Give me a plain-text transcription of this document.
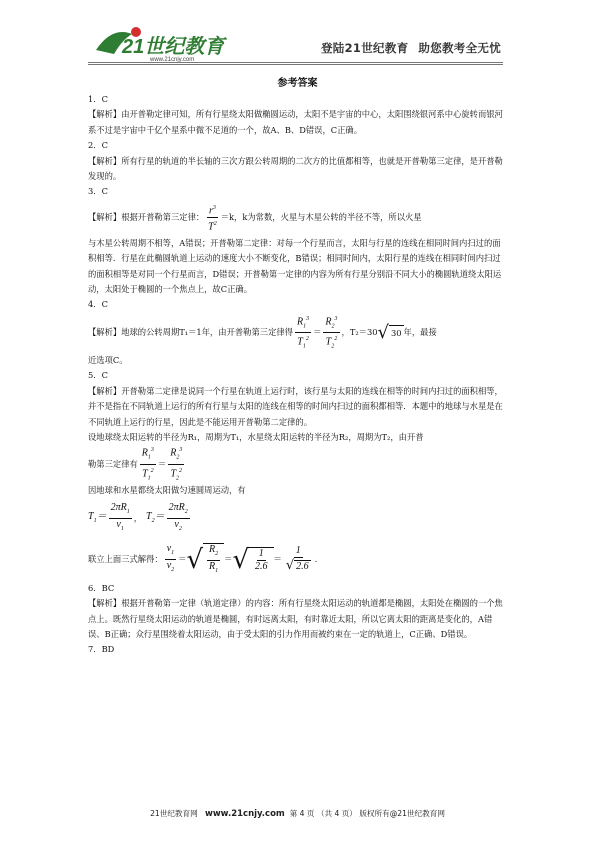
21世纪教育
www.21cnjy.com
登陆21世纪教育 助您教考全无忧
参考答案

1．C

【解析】由开普勒定律可知，所有行星绕太阳做椭圆运动，太阳不是宇宙的中心，太阳围绕银河系中心旋转而银河系不过是宇宙中千亿个星系中微不足道的一个，故A、B、D错误，C正确。

2．C

【解析】所有行星的轨道的半长轴的三次方跟公转周期的二次方的比值都相等，也就是开普勒第三定律，是开普勒发现的。

3．C

【解析】根据开普勒第三定律： $\frac{r^3}{T^2} =k$，k为常数，火星与木星公转的半径不等，所以火星

与木星公转周期不相等，A错误；开普勒第二定律：对每一个行星而言，太阳与行星的连线在相同时间内扫过的面积相等．行星在此椭圆轨道上运动的速度大小不断变化，B错误；相同时间内，太阳行星的连线在相同时间内扫过的面积相等是对同一个行星而言，D错误；开普勒第一定律的内容为所有行星分别沿不同大小的椭圆轨道绕太阳运动，太阳处于椭圆的一个焦点上，故C正确。

4．C

【解析】地球的公转周期T₁＝1年，由开普勒第三定律得 $\frac{R_1^3}{T_1^2} = \frac{R_2^3}{T_2^2}$ ，T₂＝30 √ 30 年，最接

近选项C。

5．C

【解析】开普勒第二定律是说同一个行星在轨道上运行时，该行星与太阳的连线在相等的时间内扫过的面积相等，并不是指在不同轨道上运行的所有行星与太阳的连线在相等的时间内扫过的面积都相等．本题中的地球与水星是在不同轨道上运行的行星，因此是不能运用开普勒第二定律的。

设地球绕太阳运转的半径为R₁，周期为T₁，水星绕太阳运转的半径为R₂，周期为T₂，由开普

勒第三定律有 $\frac{R_1^3}{T_1^2} = \frac{R_2^3}{T_2^2}$

因地球和水星都绕太阳做匀速圆周运动，有

$T_1= \frac{2\pi R_1}{v_1}$ ， $T_2= \frac{2\pi R_2}{v_2}$
联立上面三式解得： $\frac{v_1}{v_2}$ ＝ √ $\frac{R_2}{R_1}$ ＝ √ $\frac{1}{2.6} = \frac{1}{√ 2.6}$ .

6．BC

【解析】根据开普勒第一定律（轨道定律）的内容：所有行星绕太阳运动的轨道都是椭圆，太阳处在椭圆的一个焦点上。既然行星绕太阳运动的轨道是椭圆，有时远离太阳，有时靠近太阳，所以它离太阳的距离是变化的，A错误、B正确；众行星围绕着太阳运动，由于受太阳的引力作用而被约束在一定的轨道上，C正确、D错误。

7．BD

21世纪教育网 www.21cnjy.com 第 4 页 （共 4 页） 版权所有@21世纪教育网
